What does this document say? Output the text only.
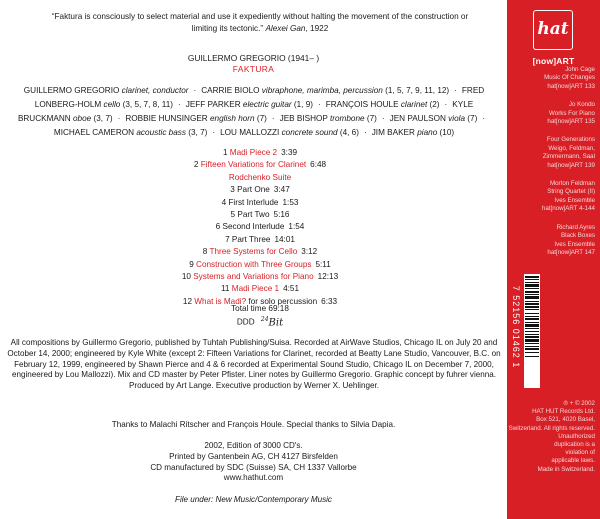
“Faktura is consciously to select material and use it expediently without halting the movement of the construction or limiting its tectonic.” Alexei Gan, 1922
GUILLERMO GREGORIO (1941– )
FAKTURA
GUILLERMO GREGORIO clarinet, conductor · CARRIE BIOLO vibraphone, marimba, percussion (1, 5, 7, 9, 11, 12) · FRED LONBERG-HOLM cello (3, 5, 7, 8, 11) · JEFF PARKER electric guitar (1, 9) · FRANÇOIS HOULE clarinet (2) · KYLE BRUCKMANN oboe (3, 7) · ROBBIE HUNSINGER english horn (7) · JEB BISHOP trombone (7) · JEN PAULSON viola (7) ·MICHAEL CAMERON acoustic bass (3, 7) · LOU MALLOZZI concrete sound (4, 6) · JIM BAKER piano (10)
1 Madi Piece 2 3:39
2 Fifteen Variations for Clarinet 6:48
Rodchenko Suite
3 Part One 3:47
4 First Interlude 1:53
5 Part Two 5:16
6 Second Interlude 1:54
7 Part Three 14:01
8 Three Systems for Cello 3:12
9 Construction with Three Groups 5:11
10 Systems and Variations for Piano 12:13
11 Madi Piece 1 4:51
12 What is Madi? for solo percussion 6:33
Total time 69:18
DDD $^{24}$Bit
All compositions by Guillermo Gregorio, published by Tuhtah Publishing/Suisa. Recorded at AirWave Studios, Chicago IL on July 20 and October 14, 2000; engineered by Kyle White (except 2: Fifteen Variations for Clarinet, recorded at Beatty Lane Studio, Vancouver, B.C. on February 12, 1999, engineered by Shawn Pierce and 4 & 6 recorded at Experimental Sound Studio, Chicago IL on December 7, 2000, engineered by Lou Mallozzi). Mix and CD master by Peter Pfister. Liner notes by Guillermo Gregorio. Graphic concept by fuhrer vienna. Produced by Art Lange. Executive production by Werner X. Uehlinger.
Thanks to Malachi Ritscher and François Houle. Special thanks to Silvia Dapia.
2002, Edition of 3000 CD's.
Printed by Gantenbein AG, CH 4127 Birsfelden
CD manufactured by SDC (Suisse) SA, CH 1337 Vallorbe
www.hathut.com
File under: New Music/Contemporary Music
hat
[now]ART
John Cage
Music Of Changes
hat[now]ART 133
Jo Kondo
Works For Piano
hat[now]ART 135
Four Generations
Weigo, Feldman,
Zimmermann, Saal
hat[now]ART 139
Morton Feldman
String Quartet (II)
Ives Ensemble
hat[now]ART 4-144
Richard Ayres
Black Boxes
Ives Ensemble
hat[now]ART 147
7 52156 01462 1
℗ + © 2002
HAT HUT Records Ltd.
Box 521, 4020 Basel,
Switzerland. All rights reserved.
Unauthorized
duplication is a
violation of
applicable laws.
Made in Switzerland.
